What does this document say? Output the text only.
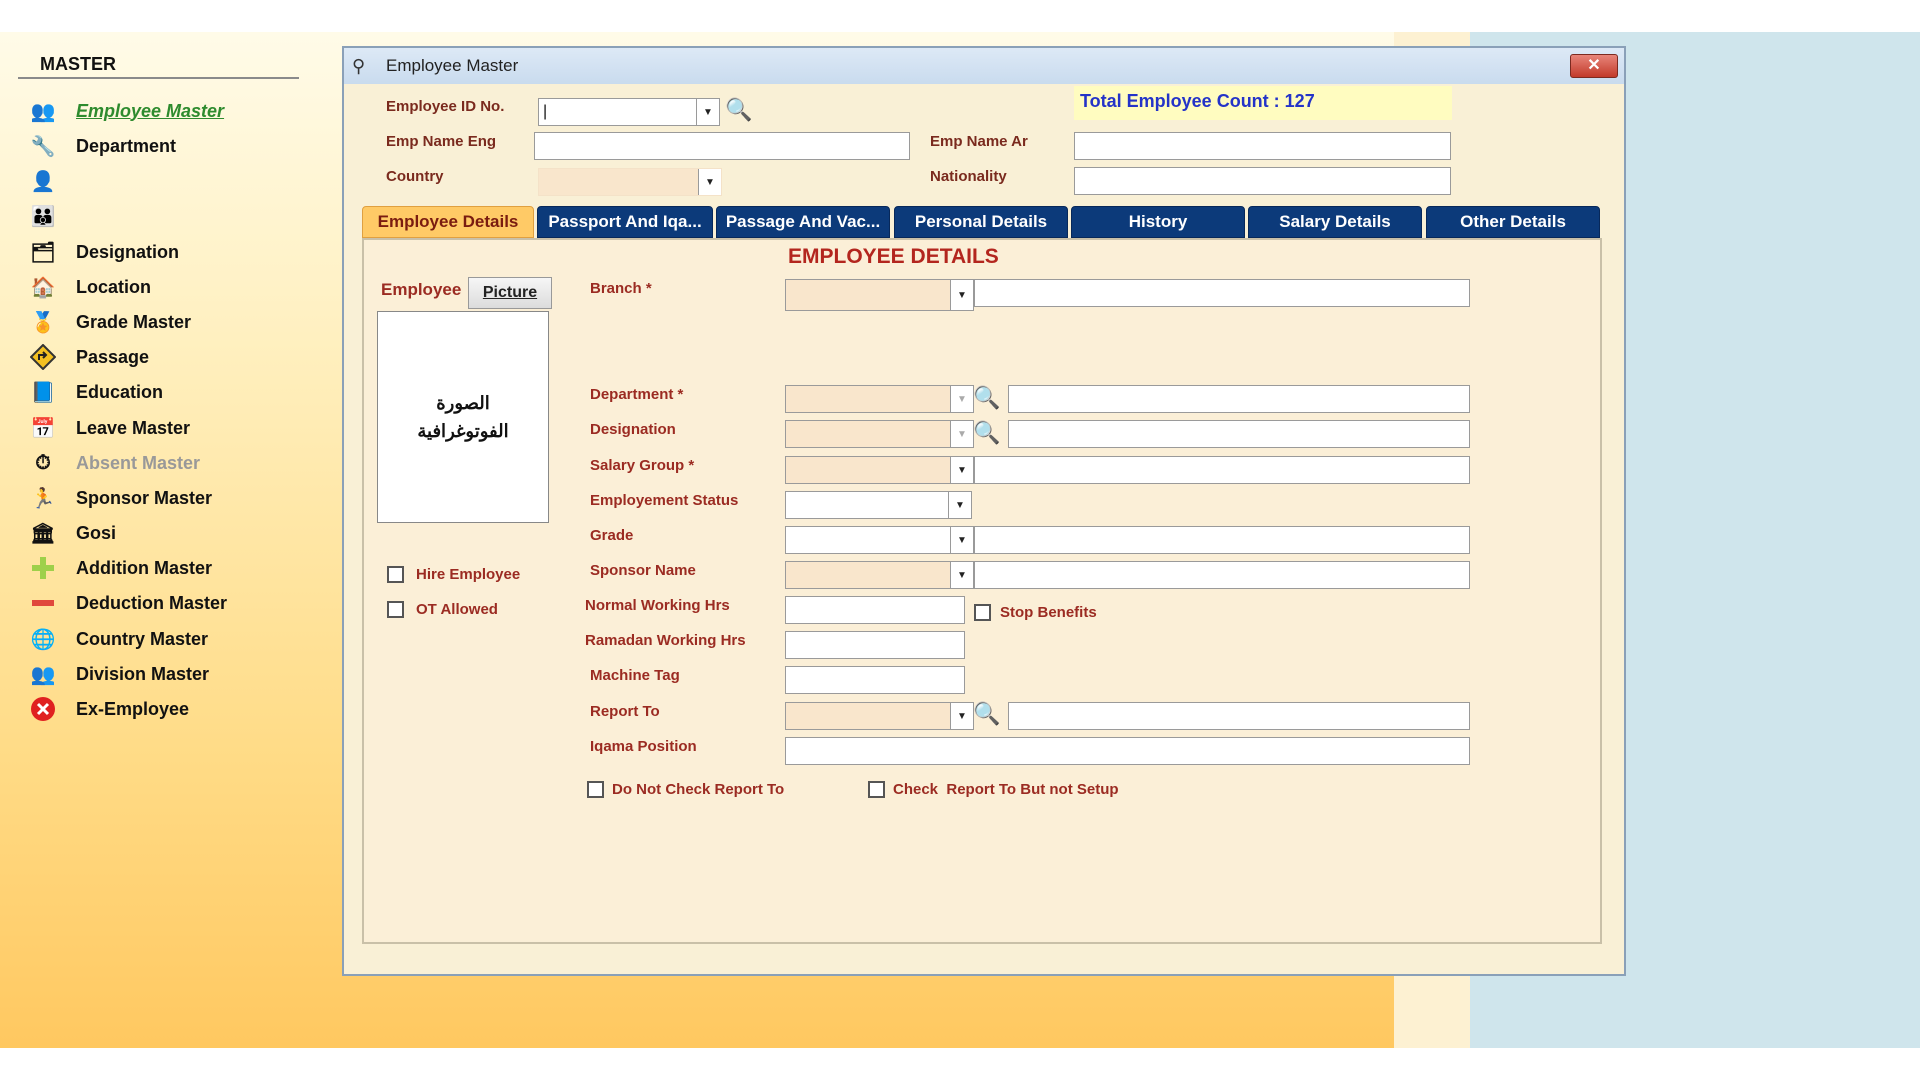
MASTER
👥 Employee Master
🔧 Department
👤
👪
🗂 Designation
🏠 Location
🏅 Grade Master
Passage
📘 Education
📅 Leave Master
⏱	Absent Master
🏃 Sponsor Master
🏛 Gosi
Addition Master
Deduction Master
🌐 Country Master
👥 Division Master
Ex-Employee
⚲	Employee Master	✕
Employee ID No. |	▼ 🔍	Total Employee Count : 127
Emp Name Eng	Emp Name Ar
Country	▼	Nationality
Employee Details	Passport And Iqa...	Passage And Vac...	Personal Details	History	Salary Details	Other Details
EMPLOYEE DETAILS
Employee	Picture
الصورة
الفوتوغرافية
Hire Employee
OT Allowed
Branch *	▼
Department *	▼ 🔍
Designation	▼ 🔍
Salary Group *	▼
Employement Status	▼
Grade	▼
Sponsor Name	▼
Normal Working Hrs	Stop Benefits
Ramadan Working Hrs
Machine Tag
Report To	▼ 🔍
Iqama Position
Do Not Check Report To	Check  Report To But not Setup
